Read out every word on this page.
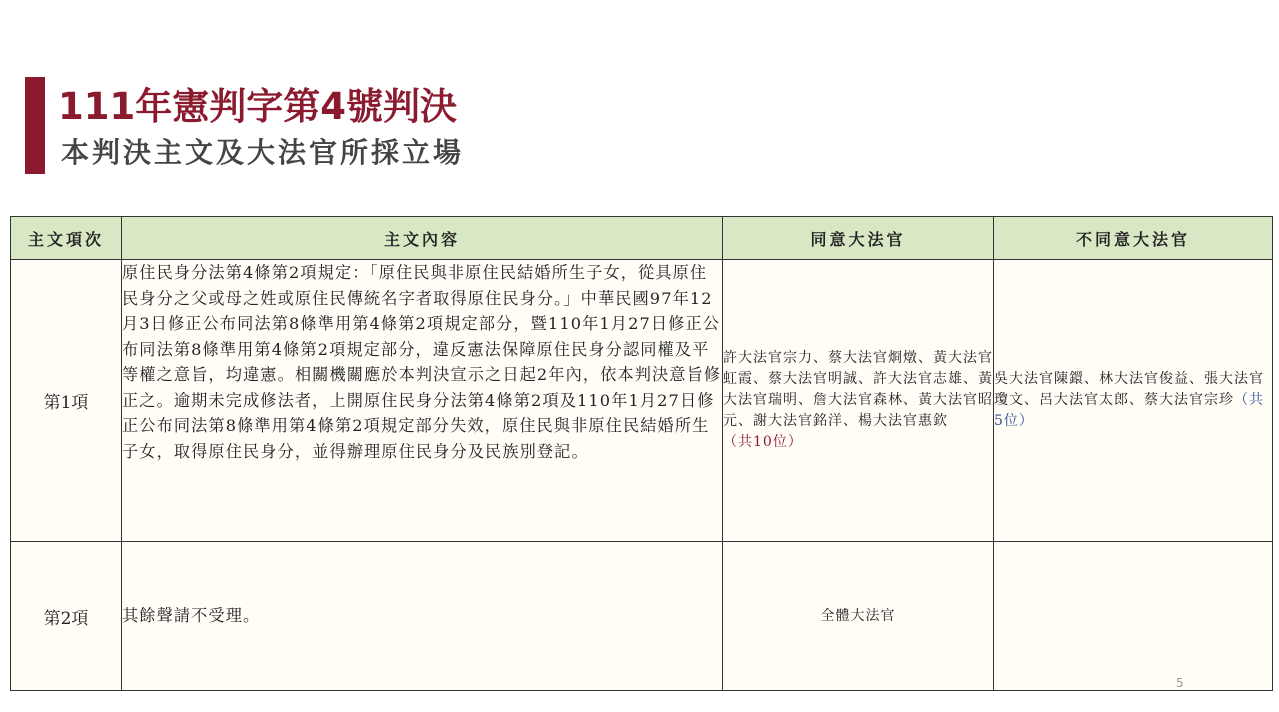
111年憲判字第4號判決
本判決主文及大法官所採立場
主文項次	主文內容	同意大法官	不同意大法官
第1項	原住民身分法第4條第2項規定：「原住民與非原住民結婚所生子女，從具原住民身分之父或母之姓或原住民傳統名字者取得原住民身分。」中華民國97年12月3日修正公布同法第8條準用第4條第2項規定部分，暨110年1月27日修正公布同法第8條準用第4條第2項規定部分，違反憲法保障原住民身分認同權及平等權之意旨，均違憲。相關機關應於本判決宣示之日起2年內，依本判決意旨修正之。逾期未完成修法者，上開原住民身分法第4條第2項及110年1月27日修正公布同法第8條準用第4條第2項規定部分失效，原住民與非原住民結婚所生子女，取得原住民身分，並得辦理原住民身分及民族別登記。	許大法官宗力、蔡大法官烱燉、黃大法官虹霞、蔡大法官明誠、許大法官志雄、黃大法官瑞明、詹大法官森林、黃大法官昭元、謝大法官銘洋、楊大法官惠欽
（共10位）	吳大法官陳鐶、林大法官俊益、張大法官瓊文、呂大法官太郎、蔡大法官宗珍（共5位）
第2項	其餘聲請不受理。	全體大法官	
5
